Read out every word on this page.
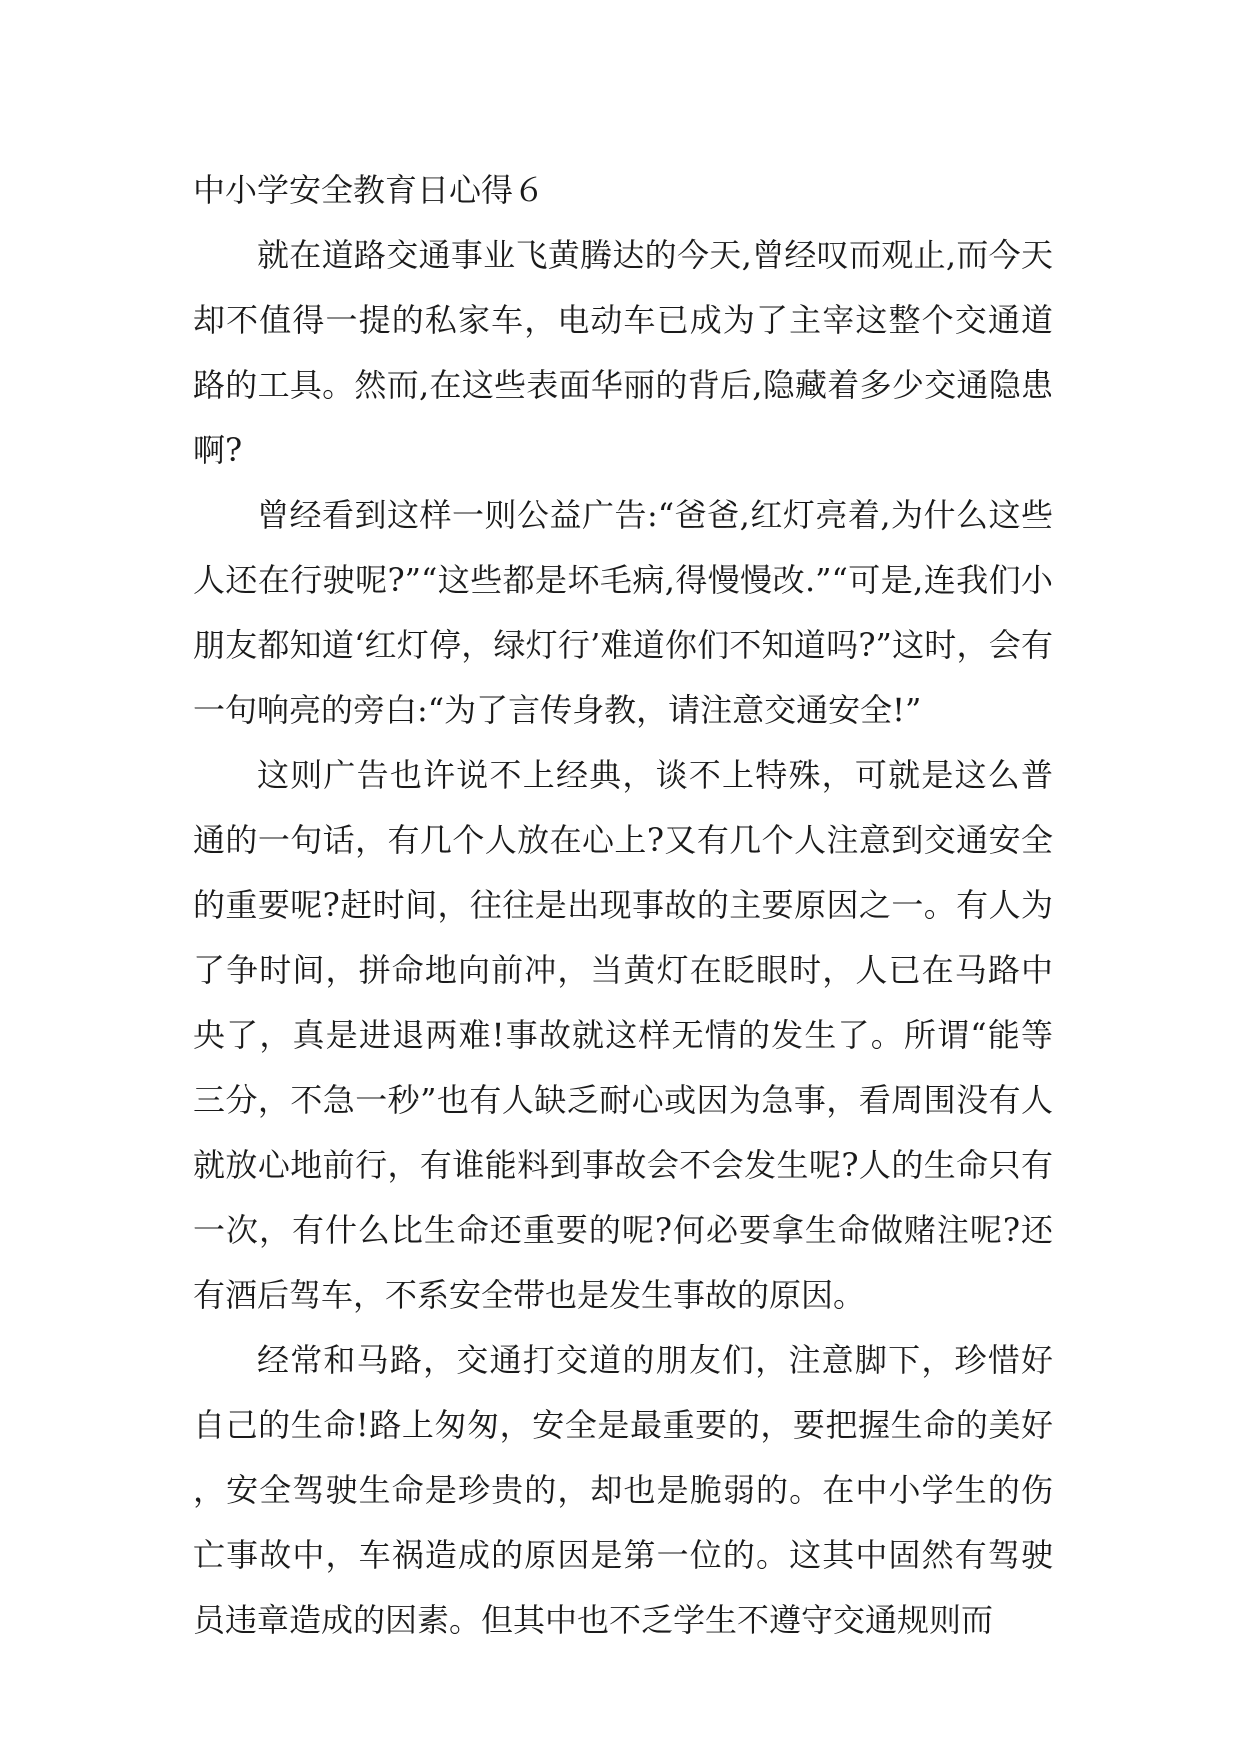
中小学安全教育日心得６

就在道路交通事业飞黄腾达的今天,曾经叹而观止,而今天却不值得一提的私家车，电动车已成为了主宰这整个交通道路的工具。然而,在这些表面华丽的背后,隐藏着多少交通隐患啊?

曾经看到这样一则公益广告:“爸爸,红灯亮着,为什么这些人还在行驶呢?”“这些都是坏毛病,得慢慢改.”“可是,连我们小朋友都知道‘红灯停，绿灯行’难道你们不知道吗?”这时，会有一句响亮的旁白:“为了言传身教，请注意交通安全!”

这则广告也许说不上经典，谈不上特殊，可就是这么普通的一句话，有几个人放在心上?又有几个人注意到交通安全的重要呢?赶时间，往往是出现事故的主要原因之一。有人为了争时间，拼命地向前冲，当黄灯在眨眼时，人已在马路中央了，真是进退两难!事故就这样无情的发生了。所谓“能等三分，不急一秒”也有人缺乏耐心或因为急事，看周围没有人就放心地前行，有谁能料到事故会不会发生呢?人的生命只有一次，有什么比生命还重要的呢?何必要拿生命做赌注呢?还有酒后驾车，不系安全带也是发生事故的原因。

经常和马路，交通打交道的朋友们，注意脚下，珍惜好自己的生命!路上匆匆，安全是最重要的，要把握生命的美好，安全驾驶生命是珍贵的，却也是脆弱的。在中小学生的伤亡事故中，车祸造成的原因是第一位的。这其中固然有驾驶员违章造成的因素。但其中也不乏学生不遵守交通规则而
